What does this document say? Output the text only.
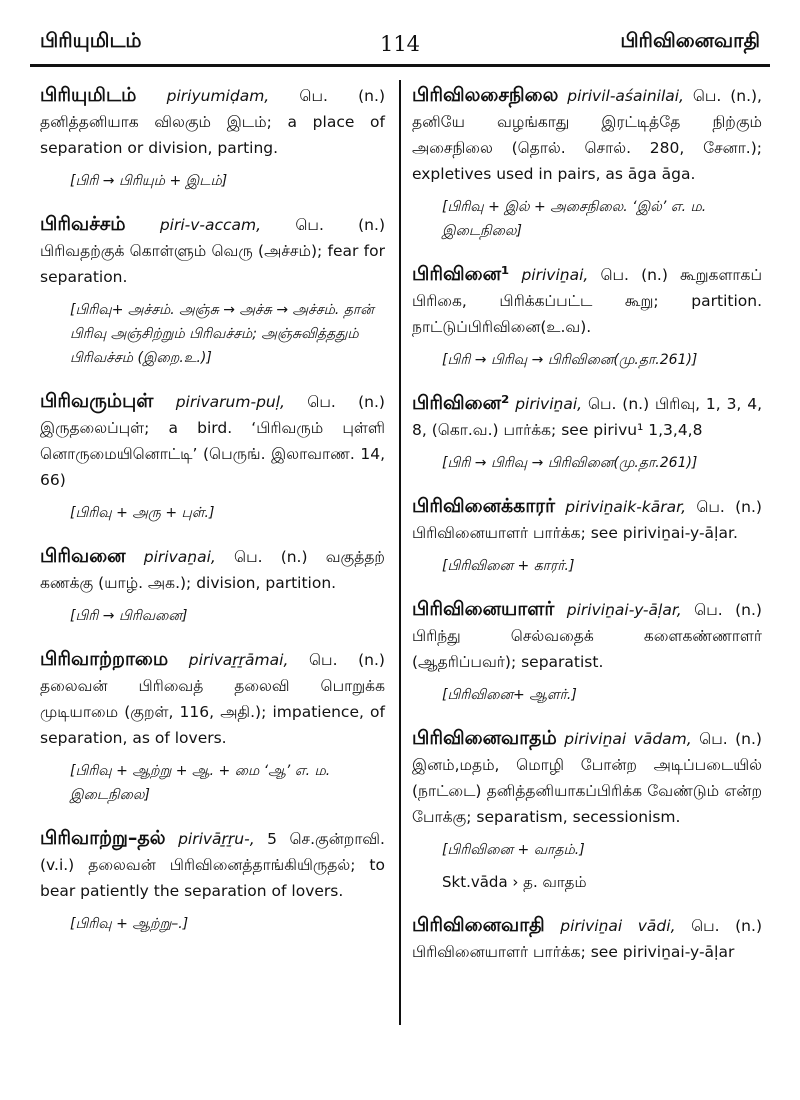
பிரியுமிடம்	114	பிரிவினைவாதி
பிரியுமிடம் piriyumiḍam, பெ. (n.) தனித்தனியாக விலகும் இடம்; a place of separation or division, parting.
[பிரி → பிரியும் + இடம்]
பிரிவச்சம் piri-v-accam, பெ. (n.) பிரிவதற்குக் கொள்ளும் வெரு (அச்சம்); fear for separation.
[பிரிவு+ அச்சம். அஞ்சு → அச்சு → அச்சம். தான் பிரிவு அஞ்சிற்றும் பிரிவச்சம்; அஞ்சுவித்ததும் பிரிவச்சம் (இறை.உ.)]
பிரிவரும்புள் pirivarum-puḷ, பெ. (n.) இருதலைப்புள்; a bird. ‘பிரிவரும் புள்ளி னொருமையினொட்டி’ (பெருங். இலாவாண. 14, 66)
[பிரிவு + அரு + புள்.]
பிரிவனை pirivaṉai, பெ. (n.) வகுத்தற் கணக்கு (யாழ். அக.); division, partition.
[பிரி → பிரிவனை]
பிரிவாற்றாமை pirivaṟṟāmai, பெ. (n.) தலைவன் பிரிவைத் தலைவி பொறுக்க முடியாமை (குறள், 116, அதி.); impatience, of separation, as of lovers.
[பிரிவு + ஆற்று + ஆ. + மை ‘ஆ’ எ. ம. இடைநிலை]
பிரிவாற்று–தல் pirivāṟṟu-, 5 செ.குன்றாவி. (v.i.) தலைவன் பிரிவினைத்தாங்கியிருதல்; to bear patiently the separation of lovers.
[பிரிவு + ஆற்று–.]
பிரிவிலசைநிலை pirivil-aśainilai, பெ. (n.), தனியே வழங்காது இரட்டித்தே நிற்கும் அசைநிலை (தொல். சொல். 280, சேனா.); expletives used in pairs, as āga āga.
[பிரிவு + இல் + அசைநிலை. ‘இல்’ எ. ம. இடைநிலை]
பிரிவினை¹ piriviṉai, பெ. (n.) கூறுகளாகப் பிரிகை, பிரிக்கப்பட்ட கூறு; partition. நாட்டுப்பிரிவினை(உ.வ).
[பிரி → பிரிவு → பிரிவினை(மு.தா.261)]
பிரிவினை² piriviṉai, பெ. (n.) பிரிவு, 1, 3, 4, 8, (கொ.வ.) பார்க்க; see pirivu¹ 1,3,4,8
[பிரி → பிரிவு → பிரிவினை(மு.தா.261)]
பிரிவினைக்காரர் piriviṉaik-kārar, பெ. (n.) பிரிவினையாளர் பார்க்க; see piriviṉai-y-āḷar.
[பிரிவினை + காரர்.]
பிரிவினையாளர் piriviṉai-y-āḷar, பெ. (n.) பிரிந்து செல்வதைக் களைகண்ணாளர் (ஆதரிப்பவர்); separatist.
[பிரிவினை+ ஆளர்.]
பிரிவினைவாதம் piriviṉai vādam, பெ. (n.) இனம்,மதம், மொழி போன்ற அடிப்படையில் (நாட்டை) தனித்தனியாகப்பிரிக்க வேண்டும் என்ற போக்கு; separatism, secessionism.
[பிரிவினை + வாதம்.]
Skt.vāda › த. வாதம்
பிரிவினைவாதி piriviṉai vādi, பெ. (n.) பிரிவினையாளர் பார்க்க; see piriviṉai-y-āḷar
